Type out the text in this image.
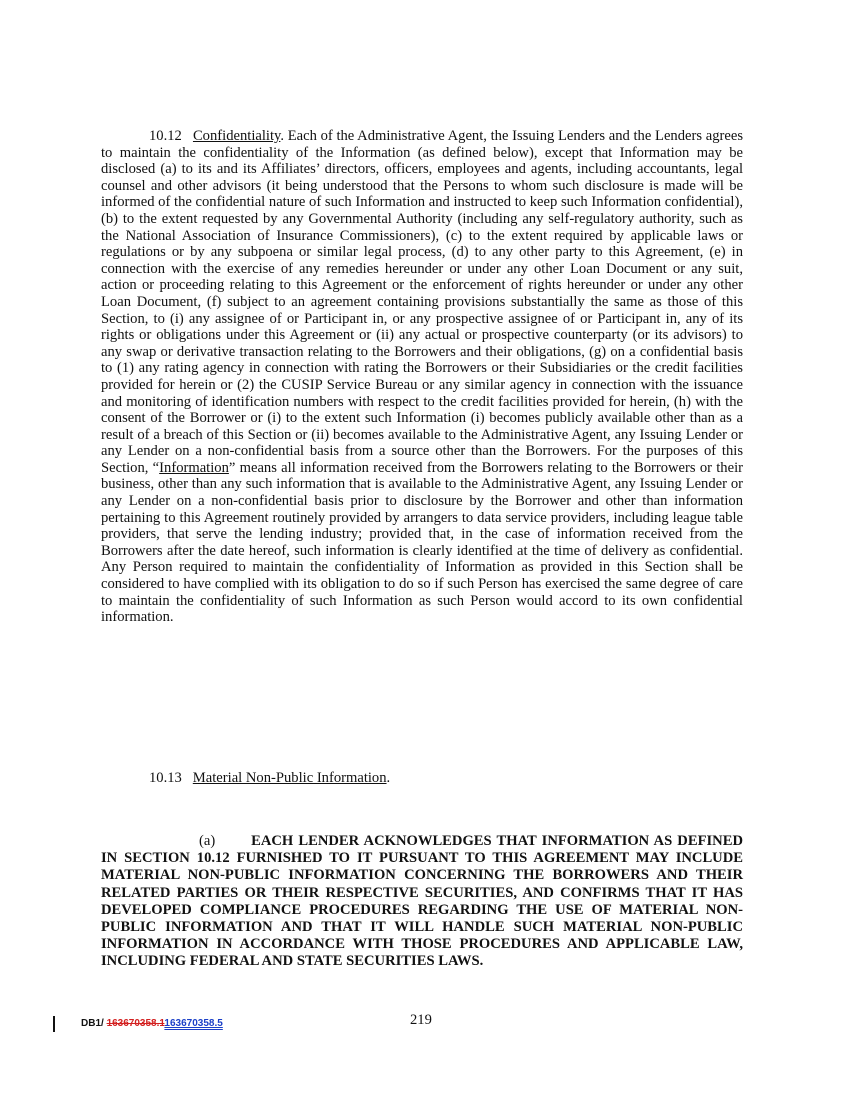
10.12 Confidentiality. Each of the Administrative Agent, the Issuing Lenders and the Lenders agrees to maintain the confidentiality of the Information (as defined below), except that Information may be disclosed (a) to its and its Affiliates’ directors, officers, employees and agents, including accountants, legal counsel and other advisors (it being understood that the Persons to whom such disclosure is made will be informed of the confidential nature of such Information and instructed to keep such Information confidential), (b) to the extent requested by any Governmental Authority (including any self-regulatory authority, such as the National Association of Insurance Commissioners), (c) to the extent required by applicable laws or regulations or by any subpoena or similar legal process, (d) to any other party to this Agreement, (e) in connection with the exercise of any remedies hereunder or under any other Loan Document or any suit, action or proceeding relating to this Agreement or the enforcement of rights hereunder or under any other Loan Document, (f) subject to an agreement containing provisions substantially the same as those of this Section, to (i) any assignee of or Participant in, or any prospective assignee of or Participant in, any of its rights or obligations under this Agreement or (ii) any actual or prospective counterparty (or its advisors) to any swap or derivative transaction relating to the Borrowers and their obligations, (g) on a confidential basis to (1) any rating agency in connection with rating the Borrowers or their Subsidiaries or the credit facilities provided for herein or (2) the CUSIP Service Bureau or any similar agency in connection with the issuance and monitoring of identification numbers with respect to the credit facilities provided for herein, (h) with the consent of the Borrower or (i) to the extent such Information (i) becomes publicly available other than as a result of a breach of this Section or (ii) becomes available to the Administrative Agent, any Issuing Lender or any Lender on a non-confidential basis from a source other than the Borrowers. For the purposes of this Section, “Information” means all information received from the Borrowers relating to the Borrowers or their business, other than any such information that is available to the Administrative Agent, any Issuing Lender or any Lender on a non-confidential basis prior to disclosure by the Borrower and other than information pertaining to this Agreement routinely provided by arrangers to data service providers, including league table providers, that serve the lending industry; provided that, in the case of information received from the Borrowers after the date hereof, such information is clearly identified at the time of delivery as confidential. Any Person required to maintain the confidentiality of Information as provided in this Section shall be considered to have complied with its obligation to do so if such Person has exercised the same degree of care to maintain the confidentiality of such Information as such Person would accord to its own confidential information.
10.13 Material Non-Public Information.
(a) EACH LENDER ACKNOWLEDGES THAT INFORMATION AS DEFINED IN SECTION 10.12 FURNISHED TO IT PURSUANT TO THIS AGREEMENT MAY INCLUDE MATERIAL NON-PUBLIC INFORMATION CONCERNING THE BORROWERS AND THEIR RELATED PARTIES OR THEIR RESPECTIVE SECURITIES, AND CONFIRMS THAT IT HAS DEVELOPED COMPLIANCE PROCEDURES REGARDING THE USE OF MATERIAL NON-PUBLIC INFORMATION AND THAT IT WILL HANDLE SUCH MATERIAL NON-PUBLIC INFORMATION IN ACCORDANCE WITH THOSE PROCEDURES AND APPLICABLE LAW, INCLUDING FEDERAL AND STATE SECURITIES LAWS.
DB1/ 163670358.1163670358.5	219
